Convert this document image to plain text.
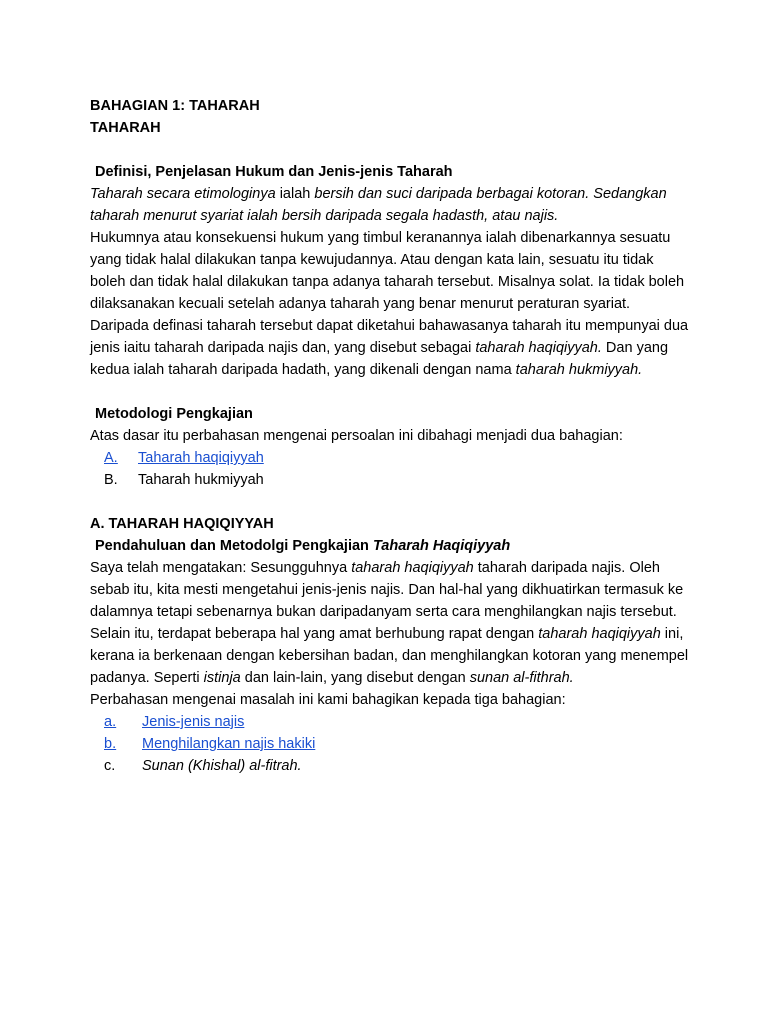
BAHAGIAN 1: TAHARAH
TAHARAH
Definisi, Penjelasan Hukum dan Jenis-jenis Taharah

Taharah secara etimologinya ialah bersih dan suci daripada berbagai kotoran. Sedangkan taharah menurut syariat ialah bersih daripada segala hadasth, atau najis.

Hukumnya atau konsekuensi hukum yang timbul keranannya ialah dibenarkannya sesuatu yang tidak halal dilakukan tanpa kewujudannya. Atau dengan kata lain, sesuatu itu tidak boleh dan tidak halal dilakukan tanpa adanya taharah tersebut. Misalnya solat. Ia tidak boleh dilaksanakan kecuali setelah adanya taharah yang benar menurut peraturan syariat.

Daripada definasi taharah tersebut dapat diketahui bahawasanya taharah itu mempunyai dua jenis iaitu taharah daripada najis dan, yang disebut sebagai taharah haqiqiyyah. Dan yang kedua ialah taharah daripada hadath, yang dikenali dengan nama taharah hukmiyyah.

Metodologi Pengkajian

Atas dasar itu perbahasan mengenai persoalan ini dibahagi menjadi dua bahagian:

A.	Taharah haqiqiyyah
B.	Taharah hukmiyyah
A. TAHARAH HAQIQIYYAH
Pendahuluan dan Metodolgi Pengkajian Taharah Haqiqiyyah

Saya telah mengatakan: Sesungguhnya taharah haqiqiyyah taharah daripada najis. Oleh sebab itu, kita mesti mengetahui jenis-jenis najis. Dan hal-hal yang dikhuatirkan termasuk ke dalamnya tetapi sebenarnya bukan daripadanyam serta cara menghilangkan najis tersebut. Selain itu, terdapat beberapa hal yang amat berhubung rapat dengan taharah haqiqiyyah ini, kerana ia berkenaan dengan kebersihan badan, dan menghilangkan kotoran yang menempel padanya. Seperti istinja dan lain-lain, yang disebut dengan sunan al-fithrah.

Perbahasan mengenai masalah ini kami bahagikan kepada tiga bahagian:

a.	Jenis-jenis najis
b.	Menghilangkan najis hakiki
c.	Sunan (Khishal) al-fitrah.
